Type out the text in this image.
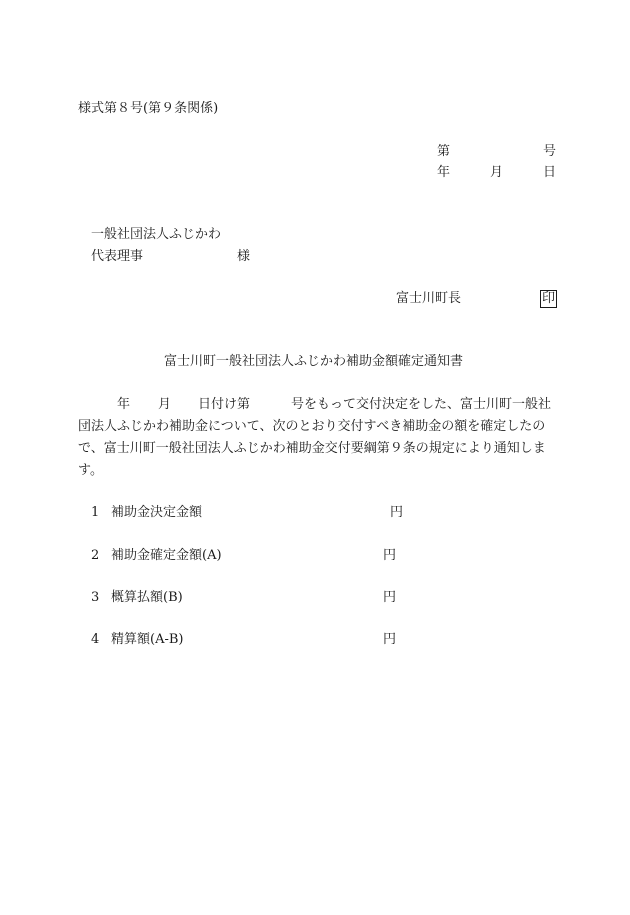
様式第８号(第９条関係)
第	号
年	月	日
一般社団法人ふじかわ
代表理事	様
富士川町長	印
富士川町一般社団法人ふじかわ補助金額確定通知書
年 月 日付け第	号をもって交付決定をした、富士川町一般社
団法人ふじかわ補助金について、次のとおり交付すべき補助金の額を確定したの
で、富士川町一般社団法人ふじかわ補助金交付要綱第９条の規定により通知しま
す。
1 補助金決定金額	円
2 補助金確定金額(A)	円
3 概算払額(B)	円
4 精算額(A-B)	円
